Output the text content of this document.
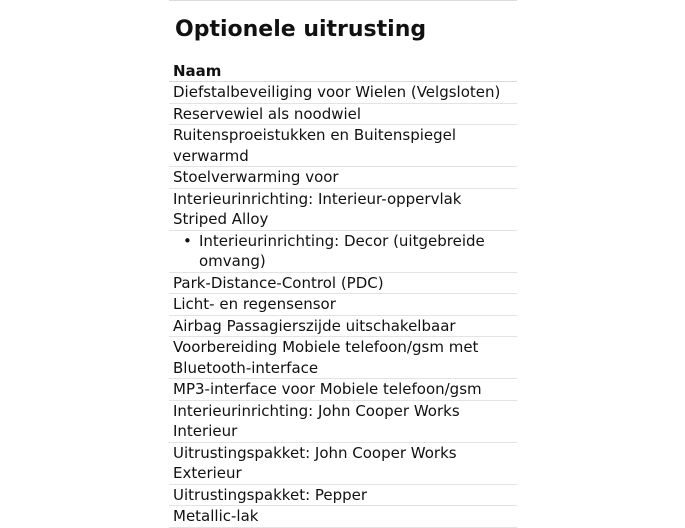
Optionele uitrusting
Naam
Diefstalbeveiliging voor Wielen (Velgsloten)
Reservewiel als noodwiel
Ruitensproeistukken en Buitenspiegel verwarmd
Stoelverwarming voor
Interieurinrichting: Interieur-oppervlak Striped Alloy
• Interieurinrichting: Decor (uitgebreide omvang)
Park-Distance-Control (PDC)
Licht- en regensensor
Airbag Passagierszijde uitschakelbaar
Voorbereiding Mobiele telefoon/gsm met Bluetooth-interface
MP3-interface voor Mobiele telefoon/gsm
Interieurinrichting: John Cooper Works Interieur
Uitrustingspakket: John Cooper Works Exterieur
Uitrustingspakket: Pepper
Metallic-lak
